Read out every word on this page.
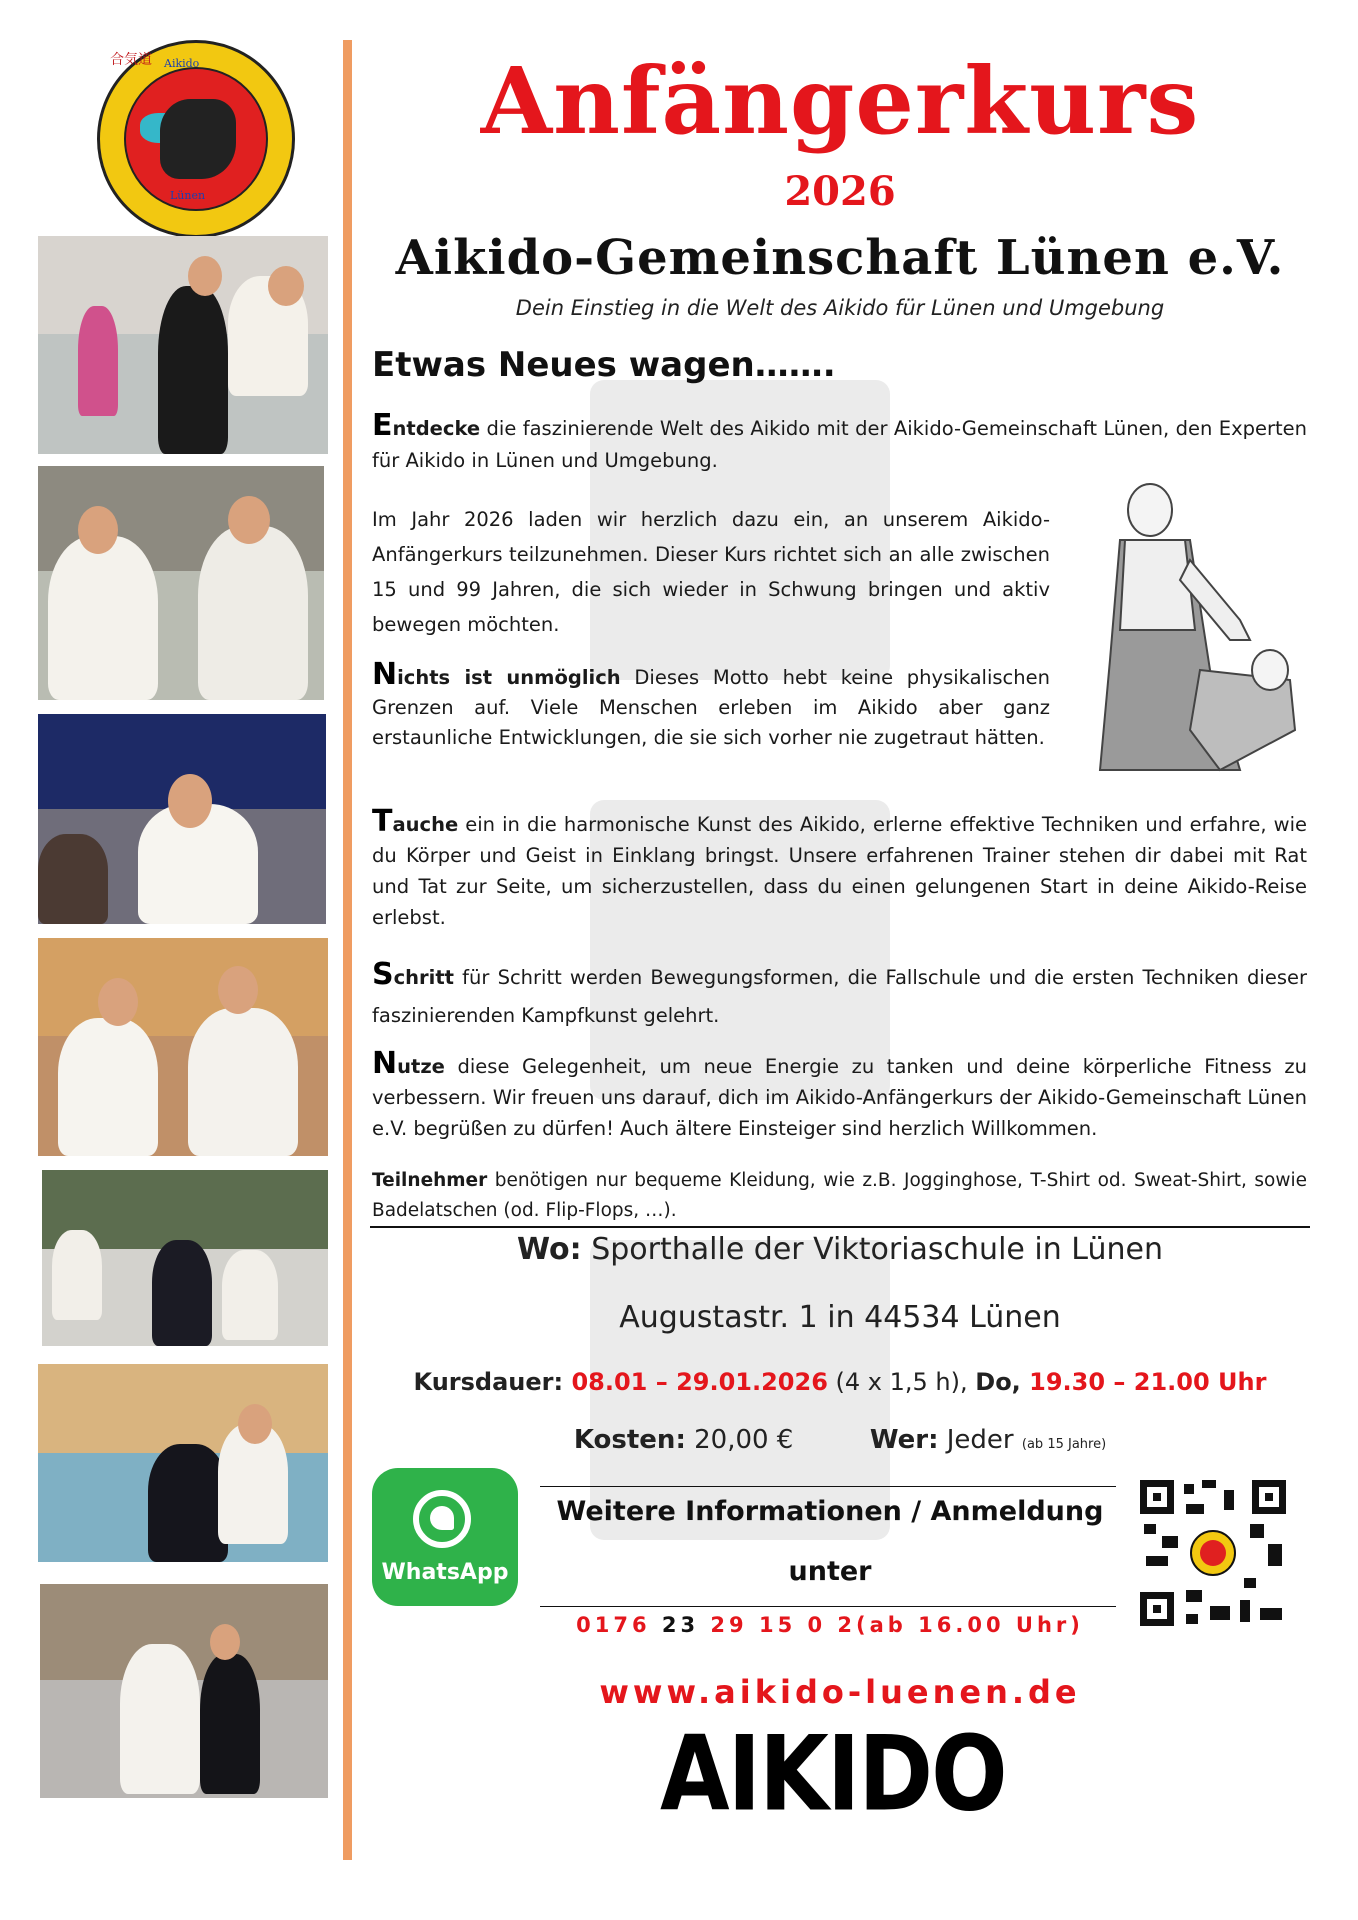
合気道 Aikido
Lünen
Anfängerkurs
2026
Aikido-Gemeinschaft Lünen e.V.
Dein Einstieg in die Welt des Aikido für Lünen und Umgebung
Etwas Neues wagen…….
Entdecke die faszinierende Welt des Aikido mit der Aikido-Gemeinschaft Lünen, den Experten für Aikido in Lünen und Umgebung.
Im Jahr 2026 laden wir herzlich dazu ein, an unserem Aikido-Anfängerkurs teilzunehmen. Dieser Kurs richtet sich an alle zwischen 15 und 99 Jahren, die sich wieder in Schwung bringen und aktiv bewegen möchten.
Nichts ist unmöglich Dieses Motto hebt keine physikalischen Grenzen auf. Viele Menschen erleben im Aikido aber ganz erstaunliche Entwicklungen, die sie sich vorher nie zugetraut hätten.
Tauche ein in die harmonische Kunst des Aikido, erlerne effektive Techniken und erfahre, wie du Körper und Geist in Einklang bringst. Unsere erfahrenen Trainer stehen dir dabei mit Rat und Tat zur Seite, um sicherzustellen, dass du einen gelungenen Start in deine Aikido-Reise erlebst.
Schritt für Schritt werden Bewegungsformen, die Fallschule und die ersten Techniken dieser faszinierenden Kampfkunst gelehrt.
Nutze diese Gelegenheit, um neue Energie zu tanken und deine körperliche Fitness zu verbessern. Wir freuen uns darauf, dich im Aikido-Anfängerkurs der Aikido-Gemeinschaft Lünen e.V. begrüßen zu dürfen! Auch ältere Einsteiger sind herzlich Willkommen.
Teilnehmer benötigen nur bequeme Kleidung, wie z.B. Jogginghose, T-Shirt od. Sweat-Shirt, sowie Badelatschen (od. Flip-Flops, …).
Wo: Sporthalle der Viktoriaschule in Lünen
Augustastr. 1 in 44534 Lünen
Kursdauer: 08.01 – 29.01.2026 (4 x 1,5 h), Do, 19.30 – 21.00 Uhr
Kosten: 20,00 €	Wer: Jeder (ab 15 Jahre)
WhatsApp
Weitere Informationen / Anmeldung
unter
0176 23 29 15 0 2(ab 16.00 Uhr)
www.aikido-luenen.de
AIKIDO
